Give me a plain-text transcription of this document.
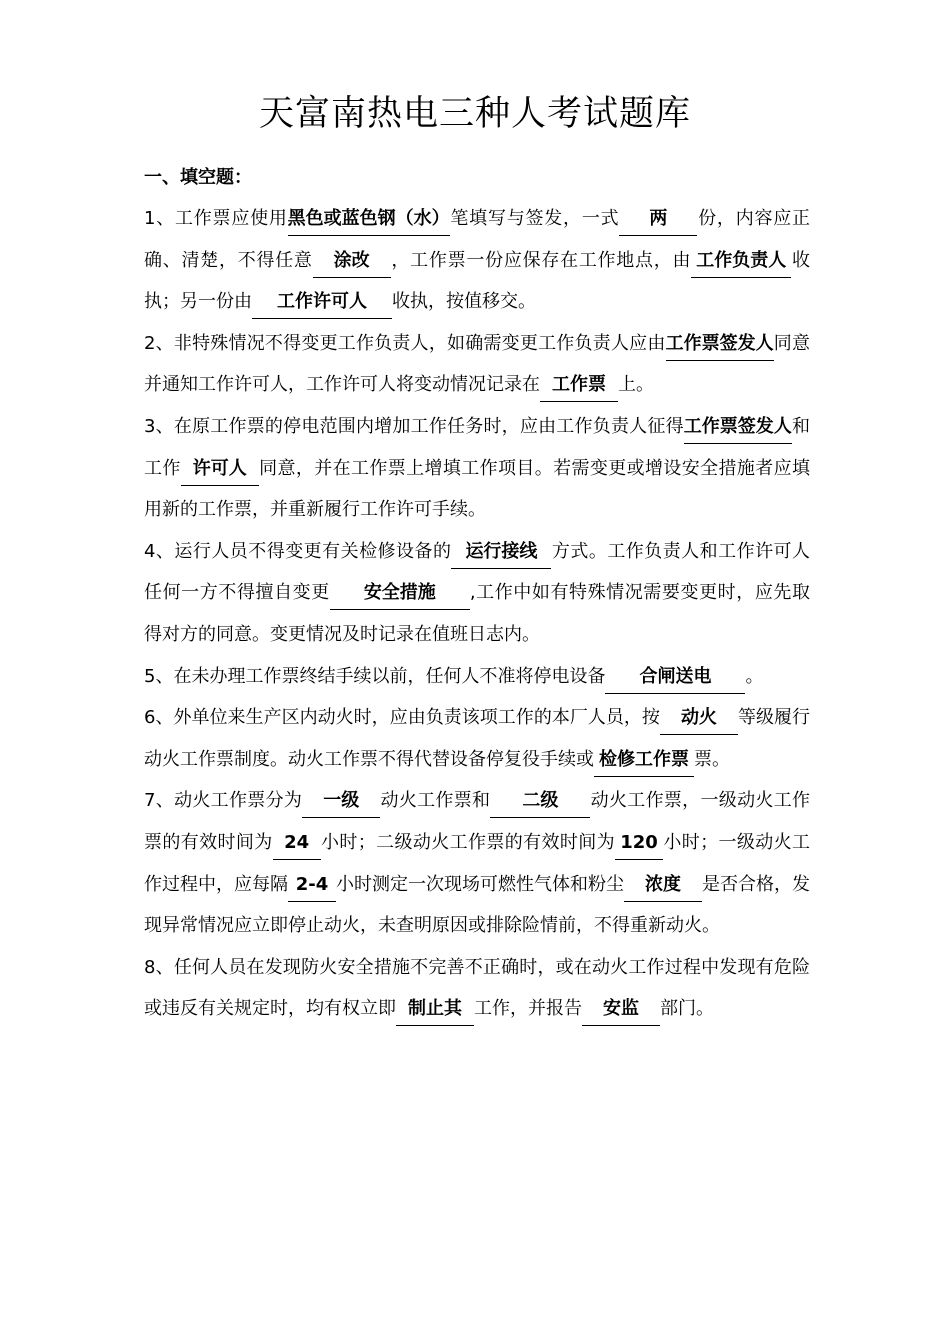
天富南热电三种人考试题库
一、填空题：

1、工作票应使用黑色或蓝色钢（水）笔填写与签发，一式 两 份，内容应正确、清楚，不得任意 涂改 ，工作票一份应保存在工作地点，由 工作负责人 收执；另一份由 工作许可人 收执，按值移交。

2、非特殊情况不得变更工作负责人，如确需变更工作负责人应由工作票签发人同意并通知工作许可人，工作许可人将变动情况记录在 工作票 上。

3、在原工作票的停电范围内增加工作任务时，应由工作负责人征得工作票签发人和工作 许可人 同意，并在工作票上增填工作项目。若需变更或增设安全措施者应填用新的工作票，并重新履行工作许可手续。

4、运行人员不得变更有关检修设备的 运行接线 方式。工作负责人和工作许可人任何一方不得擅自变更 安全措施 ,工作中如有特殊情况需要变更时，应先取得对方的同意。变更情况及时记录在值班日志内。

5、在未办理工作票终结手续以前，任何人不准将停电设备 合闸送电 。

6、外单位来生产区内动火时，应由负责该项工作的本厂人员，按 动火 等级履行动火工作票制度。动火工作票不得代替设备停复役手续或 检修工作票 票。

7、动火工作票分为 一级 动火工作票和 二级 动火工作票，一级动火工作票的有效时间为 24 小时；二级动火工作票的有效时间为 120 小时；一级动火工作过程中，应每隔 2-4 小时测定一次现场可燃性气体和粉尘 浓度 是否合格，发现异常情况应立即停止动火，未查明原因或排除险情前，不得重新动火。

8、任何人员在发现防火安全措施不完善不正确时，或在动火工作过程中发现有危险或违反有关规定时，均有权立即 制止其 工作，并报告 安监 部门。
